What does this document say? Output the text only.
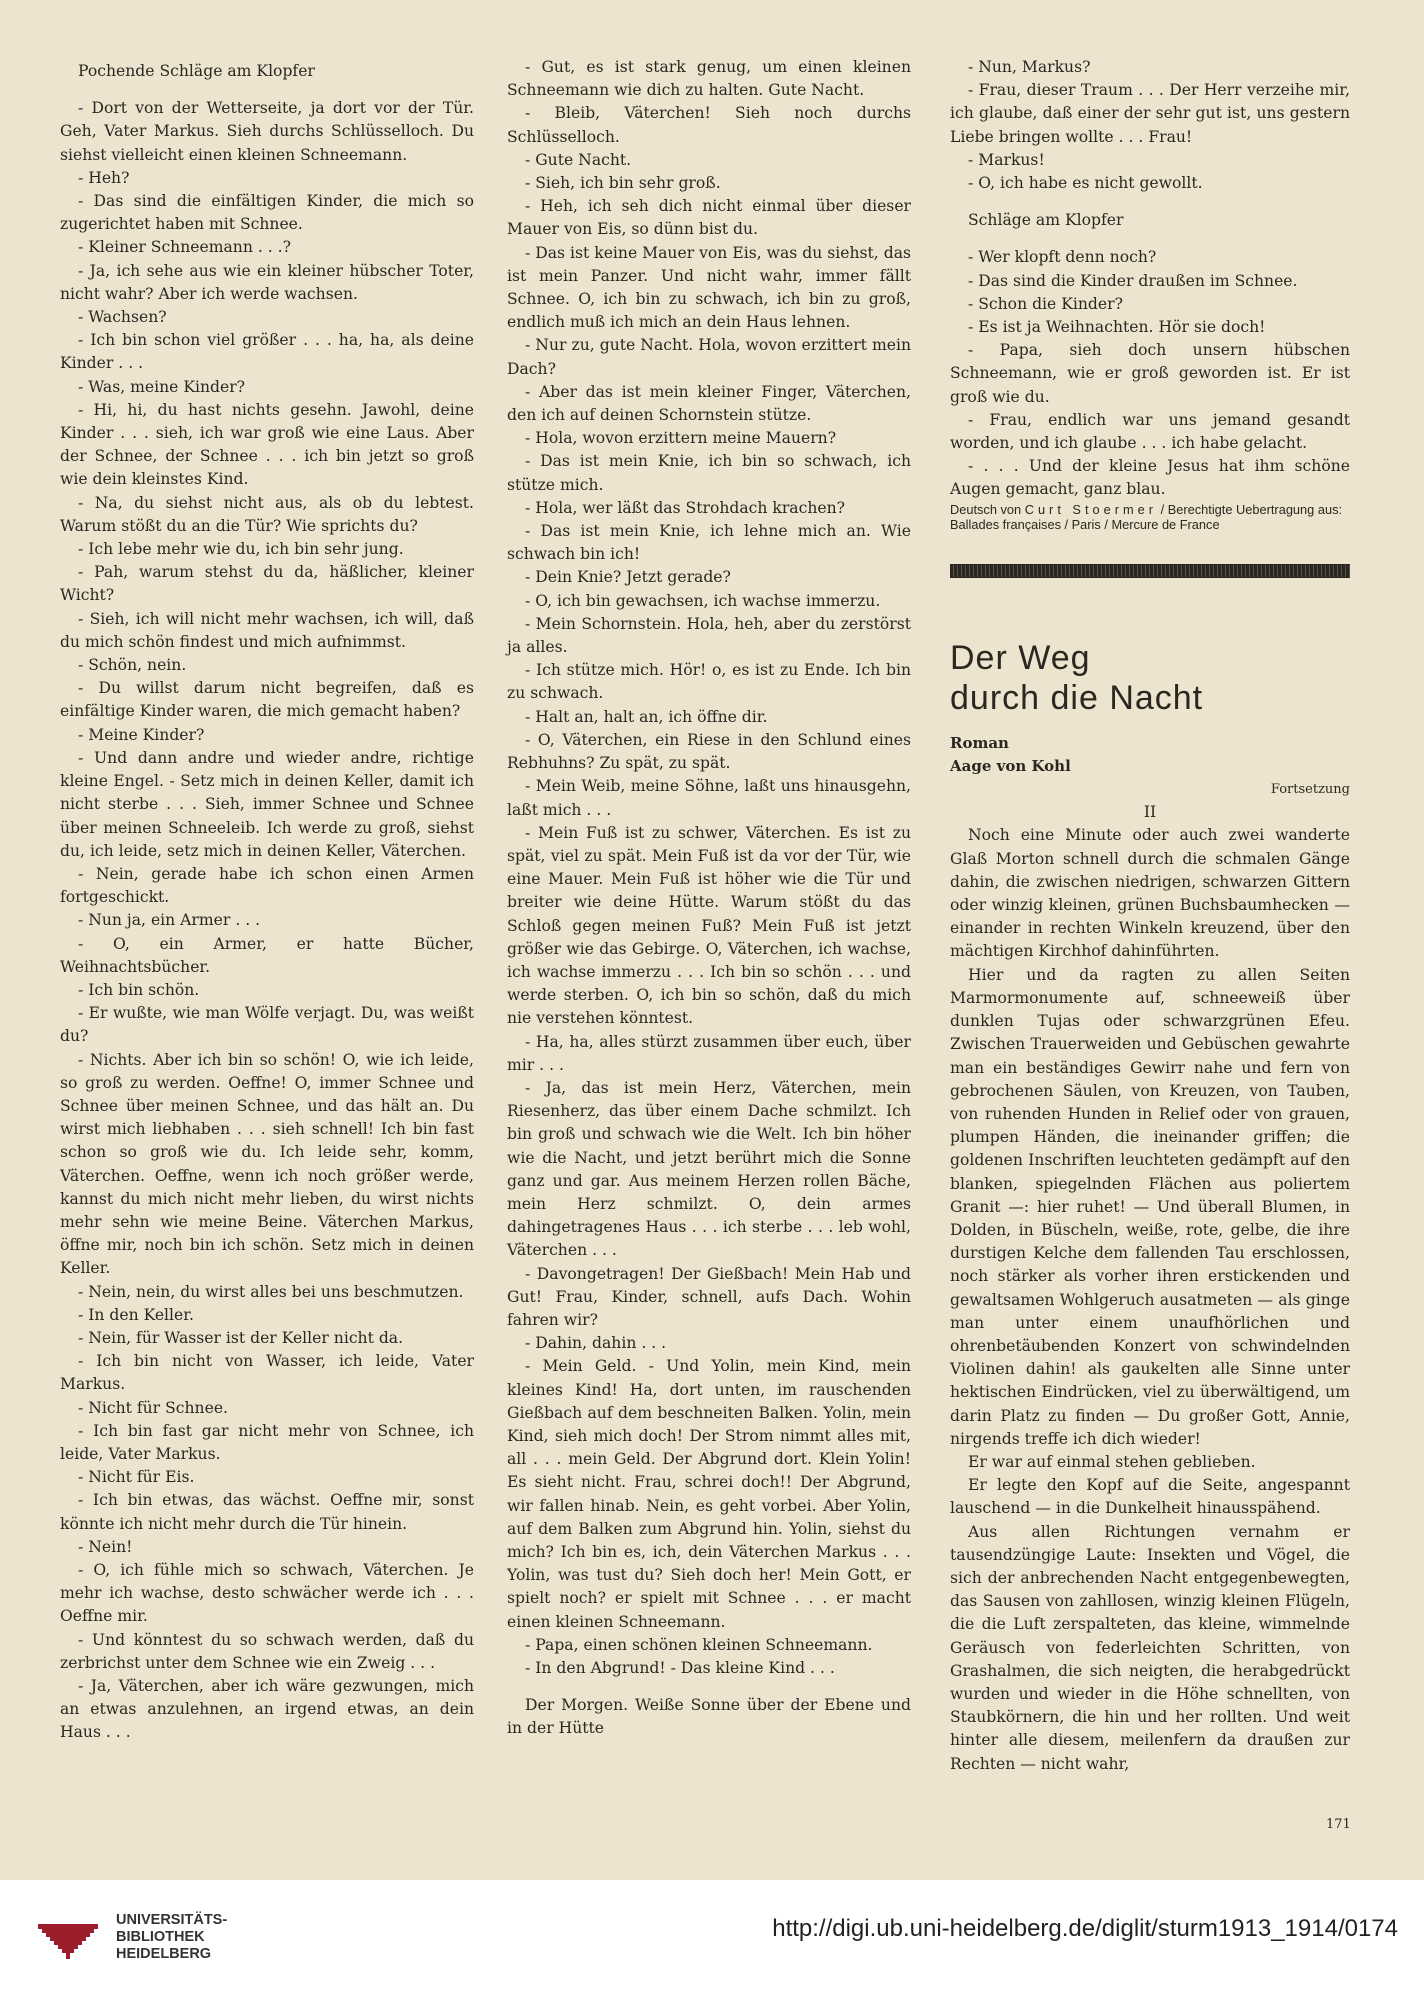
Pochende Schläge am Klopfer

- Dort von der Wetterseite, ja dort vor der Tür. Geh, Vater Markus. Sieh durchs Schlüsselloch. Du siehst vielleicht einen kleinen Schneemann.

- Heh?

- Das sind die einfältigen Kinder, die mich so zugerichtet haben mit Schnee.

- Kleiner Schneemann . . .?

- Ja, ich sehe aus wie ein kleiner hübscher Toter, nicht wahr? Aber ich werde wachsen.

- Wachsen?

- Ich bin schon viel größer . . . ha, ha, als deine Kinder . . .

- Was, meine Kinder?

- Hi, hi, du hast nichts gesehn. Jawohl, deine Kinder . . . sieh, ich war groß wie eine Laus. Aber der Schnee, der Schnee . . . ich bin jetzt so groß wie dein kleinstes Kind.

- Na, du siehst nicht aus, als ob du lebtest. Warum stößt du an die Tür? Wie sprichts du?

- Ich lebe mehr wie du, ich bin sehr jung.

- Pah, warum stehst du da, häßlicher, kleiner Wicht?

- Sieh, ich will nicht mehr wachsen, ich will, daß du mich schön findest und mich aufnimmst.

- Schön, nein.

- Du willst darum nicht begreifen, daß es einfältige Kinder waren, die mich gemacht haben?

- Meine Kinder?

- Und dann andre und wieder andre, richtige kleine Engel. - Setz mich in deinen Keller, damit ich nicht sterbe . . . Sieh, immer Schnee und Schnee über meinen Schneeleib. Ich werde zu groß, siehst du, ich leide, setz mich in deinen Keller, Väterchen.

- Nein, gerade habe ich schon einen Armen fortgeschickt.

- Nun ja, ein Armer . . .

- O, ein Armer, er hatte Bücher, Weihnachtsbücher.

- Ich bin schön.

- Er wußte, wie man Wölfe verjagt. Du, was weißt du?

- Nichts. Aber ich bin so schön! O, wie ich leide, so groß zu werden. Oeffne! O, immer Schnee und Schnee über meinen Schnee, und das hält an. Du wirst mich liebhaben . . . sieh schnell! Ich bin fast schon so groß wie du. Ich leide sehr, komm, Väterchen. Oeffne, wenn ich noch größer werde, kannst du mich nicht mehr lieben, du wirst nichts mehr sehn wie meine Beine. Väterchen Markus, öffne mir, noch bin ich schön. Setz mich in deinen Keller.

- Nein, nein, du wirst alles bei uns beschmutzen.

- In den Keller.

- Nein, für Wasser ist der Keller nicht da.

- Ich bin nicht von Wasser, ich leide, Vater Markus.

- Nicht für Schnee.

- Ich bin fast gar nicht mehr von Schnee, ich leide, Vater Markus.

- Nicht für Eis.

- Ich bin etwas, das wächst. Oeffne mir, sonst könnte ich nicht mehr durch die Tür hinein.

- Nein!

- O, ich fühle mich so schwach, Väterchen. Je mehr ich wachse, desto schwächer werde ich . . . Oeffne mir.

- Und könntest du so schwach werden, daß du zerbrichst unter dem Schnee wie ein Zweig . . .

- Ja, Väterchen, aber ich wäre gezwungen, mich an etwas anzulehnen, an irgend etwas, an dein Haus . . .

- Gut, es ist stark genug, um einen kleinen Schneemann wie dich zu halten. Gute Nacht.

- Bleib, Väterchen! Sieh noch durchs Schlüsselloch.

- Gute Nacht.

- Sieh, ich bin sehr groß.

- Heh, ich seh dich nicht einmal über dieser Mauer von Eis, so dünn bist du.

- Das ist keine Mauer von Eis, was du siehst, das ist mein Panzer. Und nicht wahr, immer fällt Schnee. O, ich bin zu schwach, ich bin zu groß, endlich muß ich mich an dein Haus lehnen.

- Nur zu, gute Nacht. Hola, wovon erzittert mein Dach?

- Aber das ist mein kleiner Finger, Väterchen, den ich auf deinen Schornstein stütze.

- Hola, wovon erzittern meine Mauern?

- Das ist mein Knie, ich bin so schwach, ich stütze mich.

- Hola, wer läßt das Strohdach krachen?

- Das ist mein Knie, ich lehne mich an. Wie schwach bin ich!

- Dein Knie? Jetzt gerade?

- O, ich bin gewachsen, ich wachse immerzu.

- Mein Schornstein. Hola, heh, aber du zerstörst ja alles.

- Ich stütze mich. Hör! o, es ist zu Ende. Ich bin zu schwach.

- Halt an, halt an, ich öffne dir.

- O, Väterchen, ein Riese in den Schlund eines Rebhuhns? Zu spät, zu spät.

- Mein Weib, meine Söhne, laßt uns hinausgehn, laßt mich . . .

- Mein Fuß ist zu schwer, Väterchen. Es ist zu spät, viel zu spät. Mein Fuß ist da vor der Tür, wie eine Mauer. Mein Fuß ist höher wie die Tür und breiter wie deine Hütte. Warum stößt du das Schloß gegen meinen Fuß? Mein Fuß ist jetzt größer wie das Gebirge. O, Väterchen, ich wachse, ich wachse immerzu . . . Ich bin so schön . . . und werde sterben. O, ich bin so schön, daß du mich nie verstehen könntest.

- Ha, ha, alles stürzt zusammen über euch, über mir . . .

- Ja, das ist mein Herz, Väterchen, mein Riesenherz, das über einem Dache schmilzt. Ich bin groß und schwach wie die Welt. Ich bin höher wie die Nacht, und jetzt berührt mich die Sonne ganz und gar. Aus meinem Herzen rollen Bäche, mein Herz schmilzt. O, dein armes dahingetragenes Haus . . . ich sterbe . . . leb wohl, Väterchen . . .

- Davongetragen! Der Gießbach! Mein Hab und Gut! Frau, Kinder, schnell, aufs Dach. Wohin fahren wir?

- Dahin, dahin . . .

- Mein Geld. - Und Yolin, mein Kind, mein kleines Kind! Ha, dort unten, im rauschenden Gießbach auf dem beschneiten Balken. Yolin, mein Kind, sieh mich doch! Der Strom nimmt alles mit, all . . . mein Geld. Der Abgrund dort. Klein Yolin! Es sieht nicht. Frau, schrei doch!! Der Abgrund, wir fallen hinab. Nein, es geht vorbei. Aber Yolin, auf dem Balken zum Abgrund hin. Yolin, siehst du mich? Ich bin es, ich, dein Väterchen Markus . . . Yolin, was tust du? Sieh doch her! Mein Gott, er spielt noch? er spielt mit Schnee . . . er macht einen kleinen Schneemann.

- Papa, einen schönen kleinen Schneemann.

- In den Abgrund! - Das kleine Kind . . .

Der Morgen. Weiße Sonne über der Ebene und in der Hütte

- Nun, Markus?

- Frau, dieser Traum . . . Der Herr verzeihe mir, ich glaube, daß einer der sehr gut ist, uns gestern Liebe bringen wollte . . . Frau!

- Markus!

- O, ich habe es nicht gewollt.

Schläge am Klopfer

- Wer klopft denn noch?

- Das sind die Kinder draußen im Schnee.

- Schon die Kinder?

- Es ist ja Weihnachten. Hör sie doch!

- Papa, sieh doch unsern hübschen Schneemann, wie er groß geworden ist. Er ist groß wie du.

- Frau, endlich war uns jemand gesandt worden, und ich glaube . . . ich habe gelacht.

- . . . Und der kleine Jesus hat ihm schöne Augen gemacht, ganz blau.

Deutsch von Curt Stoermer / Berechtigte Uebertragung aus: Ballades françaises / Paris / Mercure de France

Der Weg
durch die Nacht

Roman

Aage von Kohl

Fortsetzung

II

Noch eine Minute oder auch zwei wanderte Glaß Morton schnell durch die schmalen Gänge dahin, die zwischen niedrigen, schwarzen Gittern oder winzig kleinen, grünen Buchsbaumhecken — einander in rechten Winkeln kreuzend, über den mächtigen Kirchhof dahinführten.

Hier und da ragten zu allen Seiten Marmormonumente auf, schneeweiß über dunklen Tujas oder schwarzgrünen Efeu. Zwischen Trauerweiden und Gebüschen gewahrte man ein beständiges Gewirr nahe und fern von gebrochenen Säulen, von Kreuzen, von Tauben, von ruhenden Hunden in Relief oder von grauen, plumpen Händen, die ineinander griffen; die goldenen Inschriften leuchteten gedämpft auf den blanken, spiegelnden Flächen aus poliertem Granit —: hier ruhet! — Und überall Blumen, in Dolden, in Büscheln, weiße, rote, gelbe, die ihre durstigen Kelche dem fallenden Tau erschlossen, noch stärker als vorher ihren erstickenden und gewaltsamen Wohlgeruch ausatmeten — als ginge man unter einem unaufhörlichen und ohrenbetäubenden Konzert von schwindelnden Violinen dahin! als gaukelten alle Sinne unter hektischen Eindrücken, viel zu überwältigend, um darin Platz zu finden — Du großer Gott, Annie, nirgends treffe ich dich wieder!

Er war auf einmal stehen geblieben.

Er legte den Kopf auf die Seite, angespannt lauschend — in die Dunkelheit hinausspähend.

Aus allen Richtungen vernahm er tausendzüngige Laute: Insekten und Vögel, die sich der anbrechenden Nacht entgegenbewegten, das Sausen von zahllosen, winzig kleinen Flügeln, die die Luft zerspalteten, das kleine, wimmelnde Geräusch von federleichten Schritten, von Grashalmen, die sich neigten, die herabgedrückt wurden und wieder in die Höhe schnellten, von Staubkörnern, die hin und her rollten. Und weit hinter alle diesem, meilenfern da draußen zur Rechten — nicht wahr,

171
UNIVERSITÄTS-
BIBLIOTHEK
HEIDELBERG
http://digi.ub.uni-heidelberg.de/diglit/sturm1913_1914/0174
